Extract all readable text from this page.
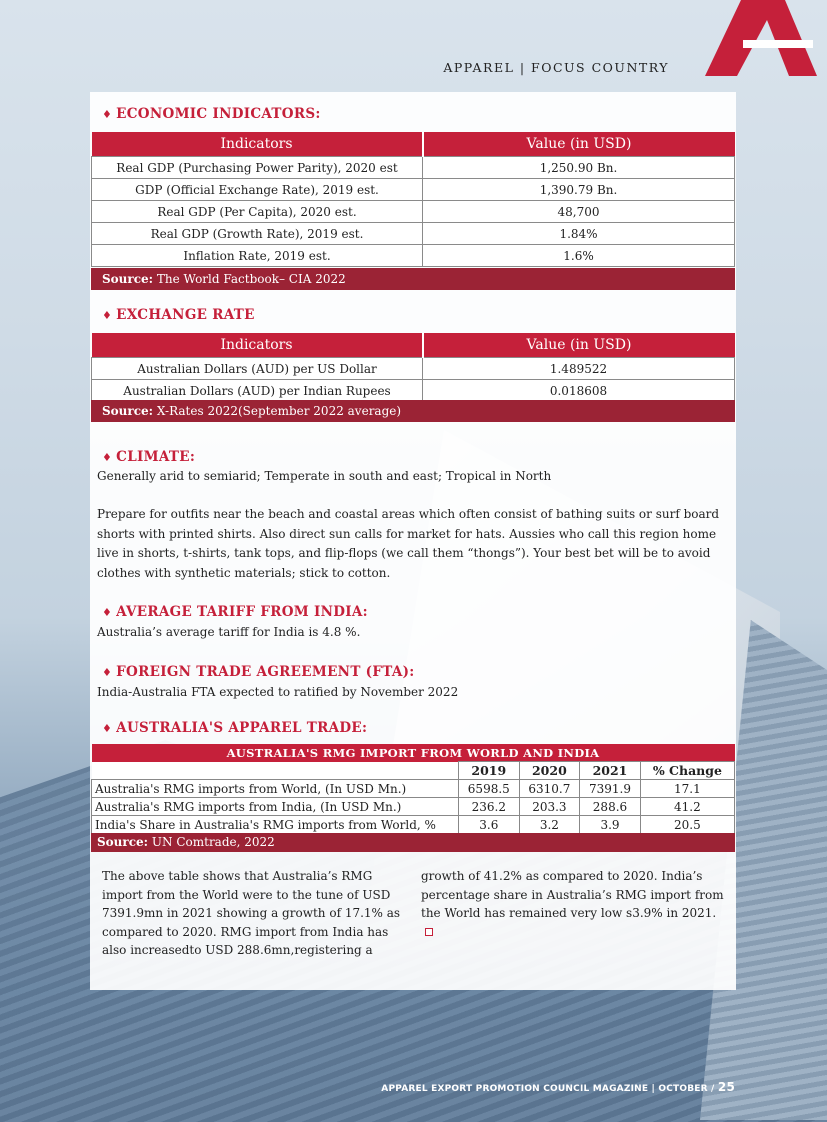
APPAREL | FOCUS COUNTRY
♦ ECONOMIC INDICATORS:
Indicators	Value (in USD)
Real GDP (Purchasing Power Parity), 2020 est	1,250.90 Bn.
GDP (Official Exchange Rate), 2019 est.	1,390.79 Bn.
Real GDP (Per Capita), 2020 est.	48,700
Real GDP (Growth Rate), 2019 est.	1.84%
Inflation Rate, 2019 est.	1.6%
Source: The World Factbook– CIA 2022
♦ EXCHANGE RATE
Indicators	Value (in USD)
Australian Dollars (AUD) per US Dollar	1.489522
Australian Dollars (AUD) per Indian Rupees	0.018608
Source: X-Rates 2022(September 2022 average)
♦ CLIMATE:
Generally arid to semiarid; Temperate in south and east; Tropical in North
Prepare for outfits near the beach and coastal areas which often consist of bathing suits or surf board shorts with printed shirts. Also direct sun calls for market for hats. Aussies who call this region home live in shorts, t-shirts, tank tops, and flip-flops (we call them “thongs”). Your best bet will be to avoid clothes with synthetic materials; stick to cotton.
♦ AVERAGE TARIFF FROM INDIA:
Australia’s average tariff for India is 4.8 %.
♦ FOREIGN TRADE AGREEMENT (FTA):
India-Australia FTA expected to ratified by November 2022
♦ AUSTRALIA'S APPAREL TRADE:
AUSTRALIA'S RMG IMPORT FROM WORLD AND INDIA				
	2019	2020	2021	% Change
Australia's RMG imports from World, (In USD Mn.)	6598.5	6310.7	7391.9	17.1
Australia's RMG imports from India, (In USD Mn.)	236.2	203.3	288.6	41.2
India's Share in Australia's RMG imports from World, %	3.6	3.2	3.9	20.5
Source: UN Comtrade, 2022
The above table shows that Australia’s RMG import from the World were to the tune of USD 7391.9mn in 2021 showing a growth of 17.1% as compared to 2020. RMG import from India has also increasedto USD 288.6mn,registering a
growth of 41.2% as compared to 2020. India’s percentage share in Australia’s RMG import from the World has remained very low s3.9% in 2021.
APPAREL EXPORT PROMOTION COUNCIL MAGAZINE | OCTOBER / 25
